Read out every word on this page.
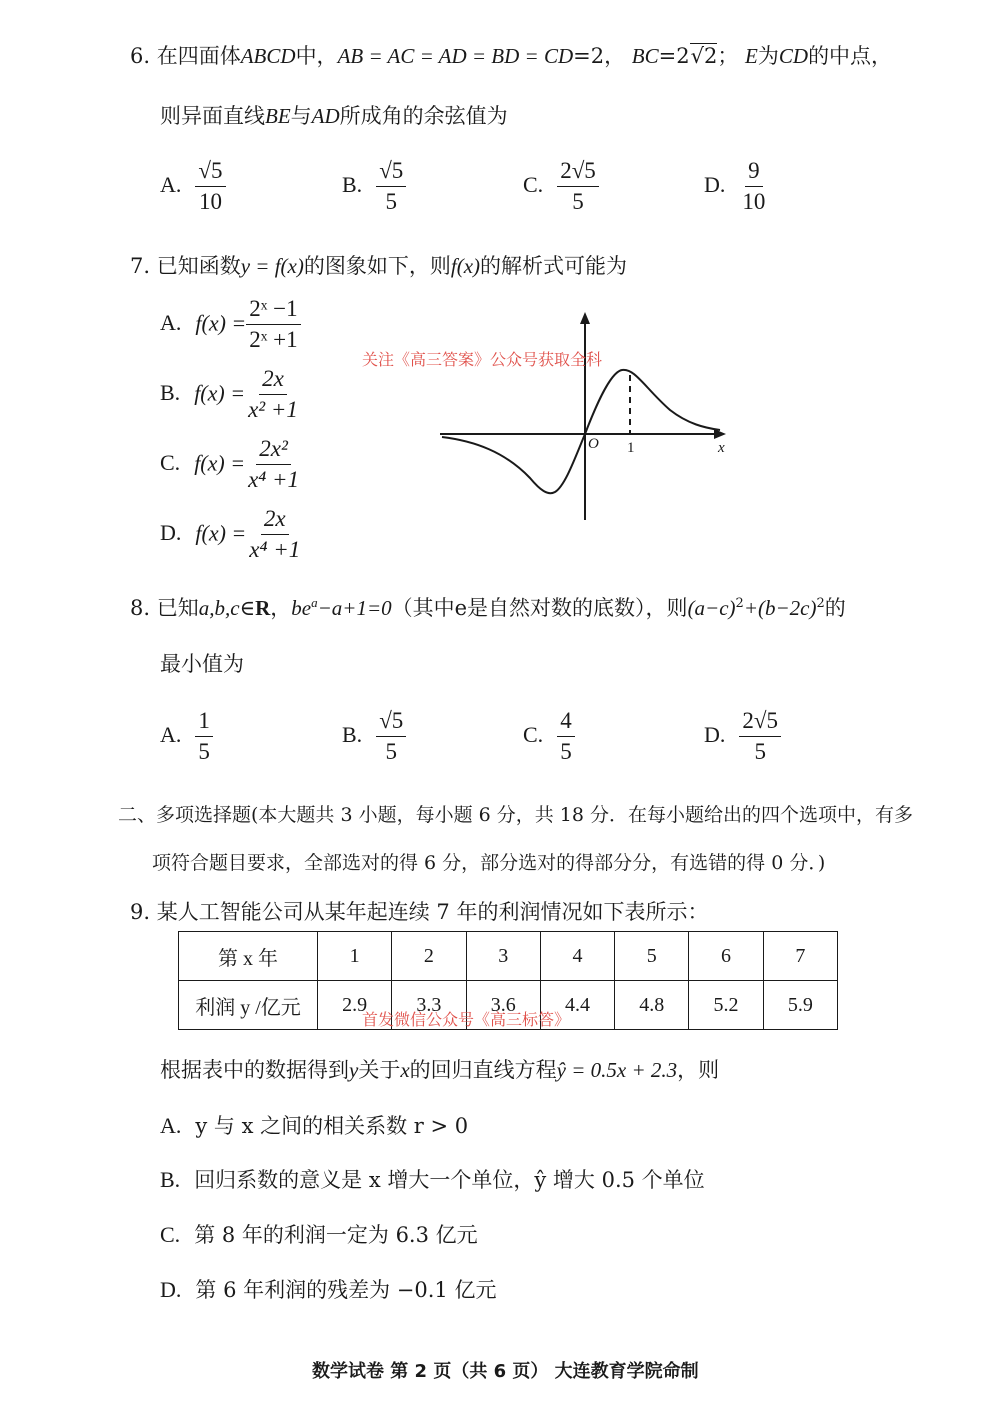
6. 在四面体ABCD中，AB = AC = AD = BD = CD=2， BC=2√2； E为CD的中点，
则异面直线BE与AD所成角的余弦值为
A. $\frac{√5}{10}$	B. $\frac{√5}{5}$	C. $\frac{2√5}{5}$	D. $\frac{9}{10}$
7. 已知函数y = f(x)的图象如下，则f(x)的解析式可能为
A. $f(x) = \frac{\text{2ˣ −1}}{\text{2ˣ +1}}$
B. $f(x) = \frac{2x}{\text{x² +1}}$
C. $f(x) = \frac{\text{2x²}}{\text{x⁴ +1}}$
D. $f(x) = \frac{2x}{\text{x⁴ +1}}$
O 1	x
关注《高三答案》公众号获取全科
8. 已知a,b,c∈R，$be^a-a+1=0$（其中e是自然对数的底数），则$(a-c)^2+(b-2c)^2$的
最小值为
A. $\frac{1}{5}$	B. $\frac{√5}{5}$	C. $\frac{4}{5}$	D. $\frac{2√5}{5}$
二、多项选择题(本大题共 3 小题，每小题 6 分，共 18 分．在每小题给出的四个选项中，有多
项符合题目要求，全部选对的得 6 分，部分选对的得部分分，有选错的得 0 分．)
9. 某人工智能公司从某年起连续 7 年的利润情况如下表所示：
第 x 年	1	2	3	4	5	6	7
利润 y /亿元	2.9	3.3	3.6	4.4	4.8	5.2	5.9
首发微信公众号《高三标答》
根据表中的数据得到y关于x的回归直线方程ŷ = 0.5x + 2.3，则
A. y 与 x 之间的相关系数 r > 0
B. 回归系数的意义是 x 增大一个单位，ŷ 增大 0.5 个单位
C. 第 8 年的利润一定为 6.3 亿元
D. 第 6 年利润的残差为 −0.1 亿元
数学试卷 第 2 页（共 6 页） 大连教育学院命制
